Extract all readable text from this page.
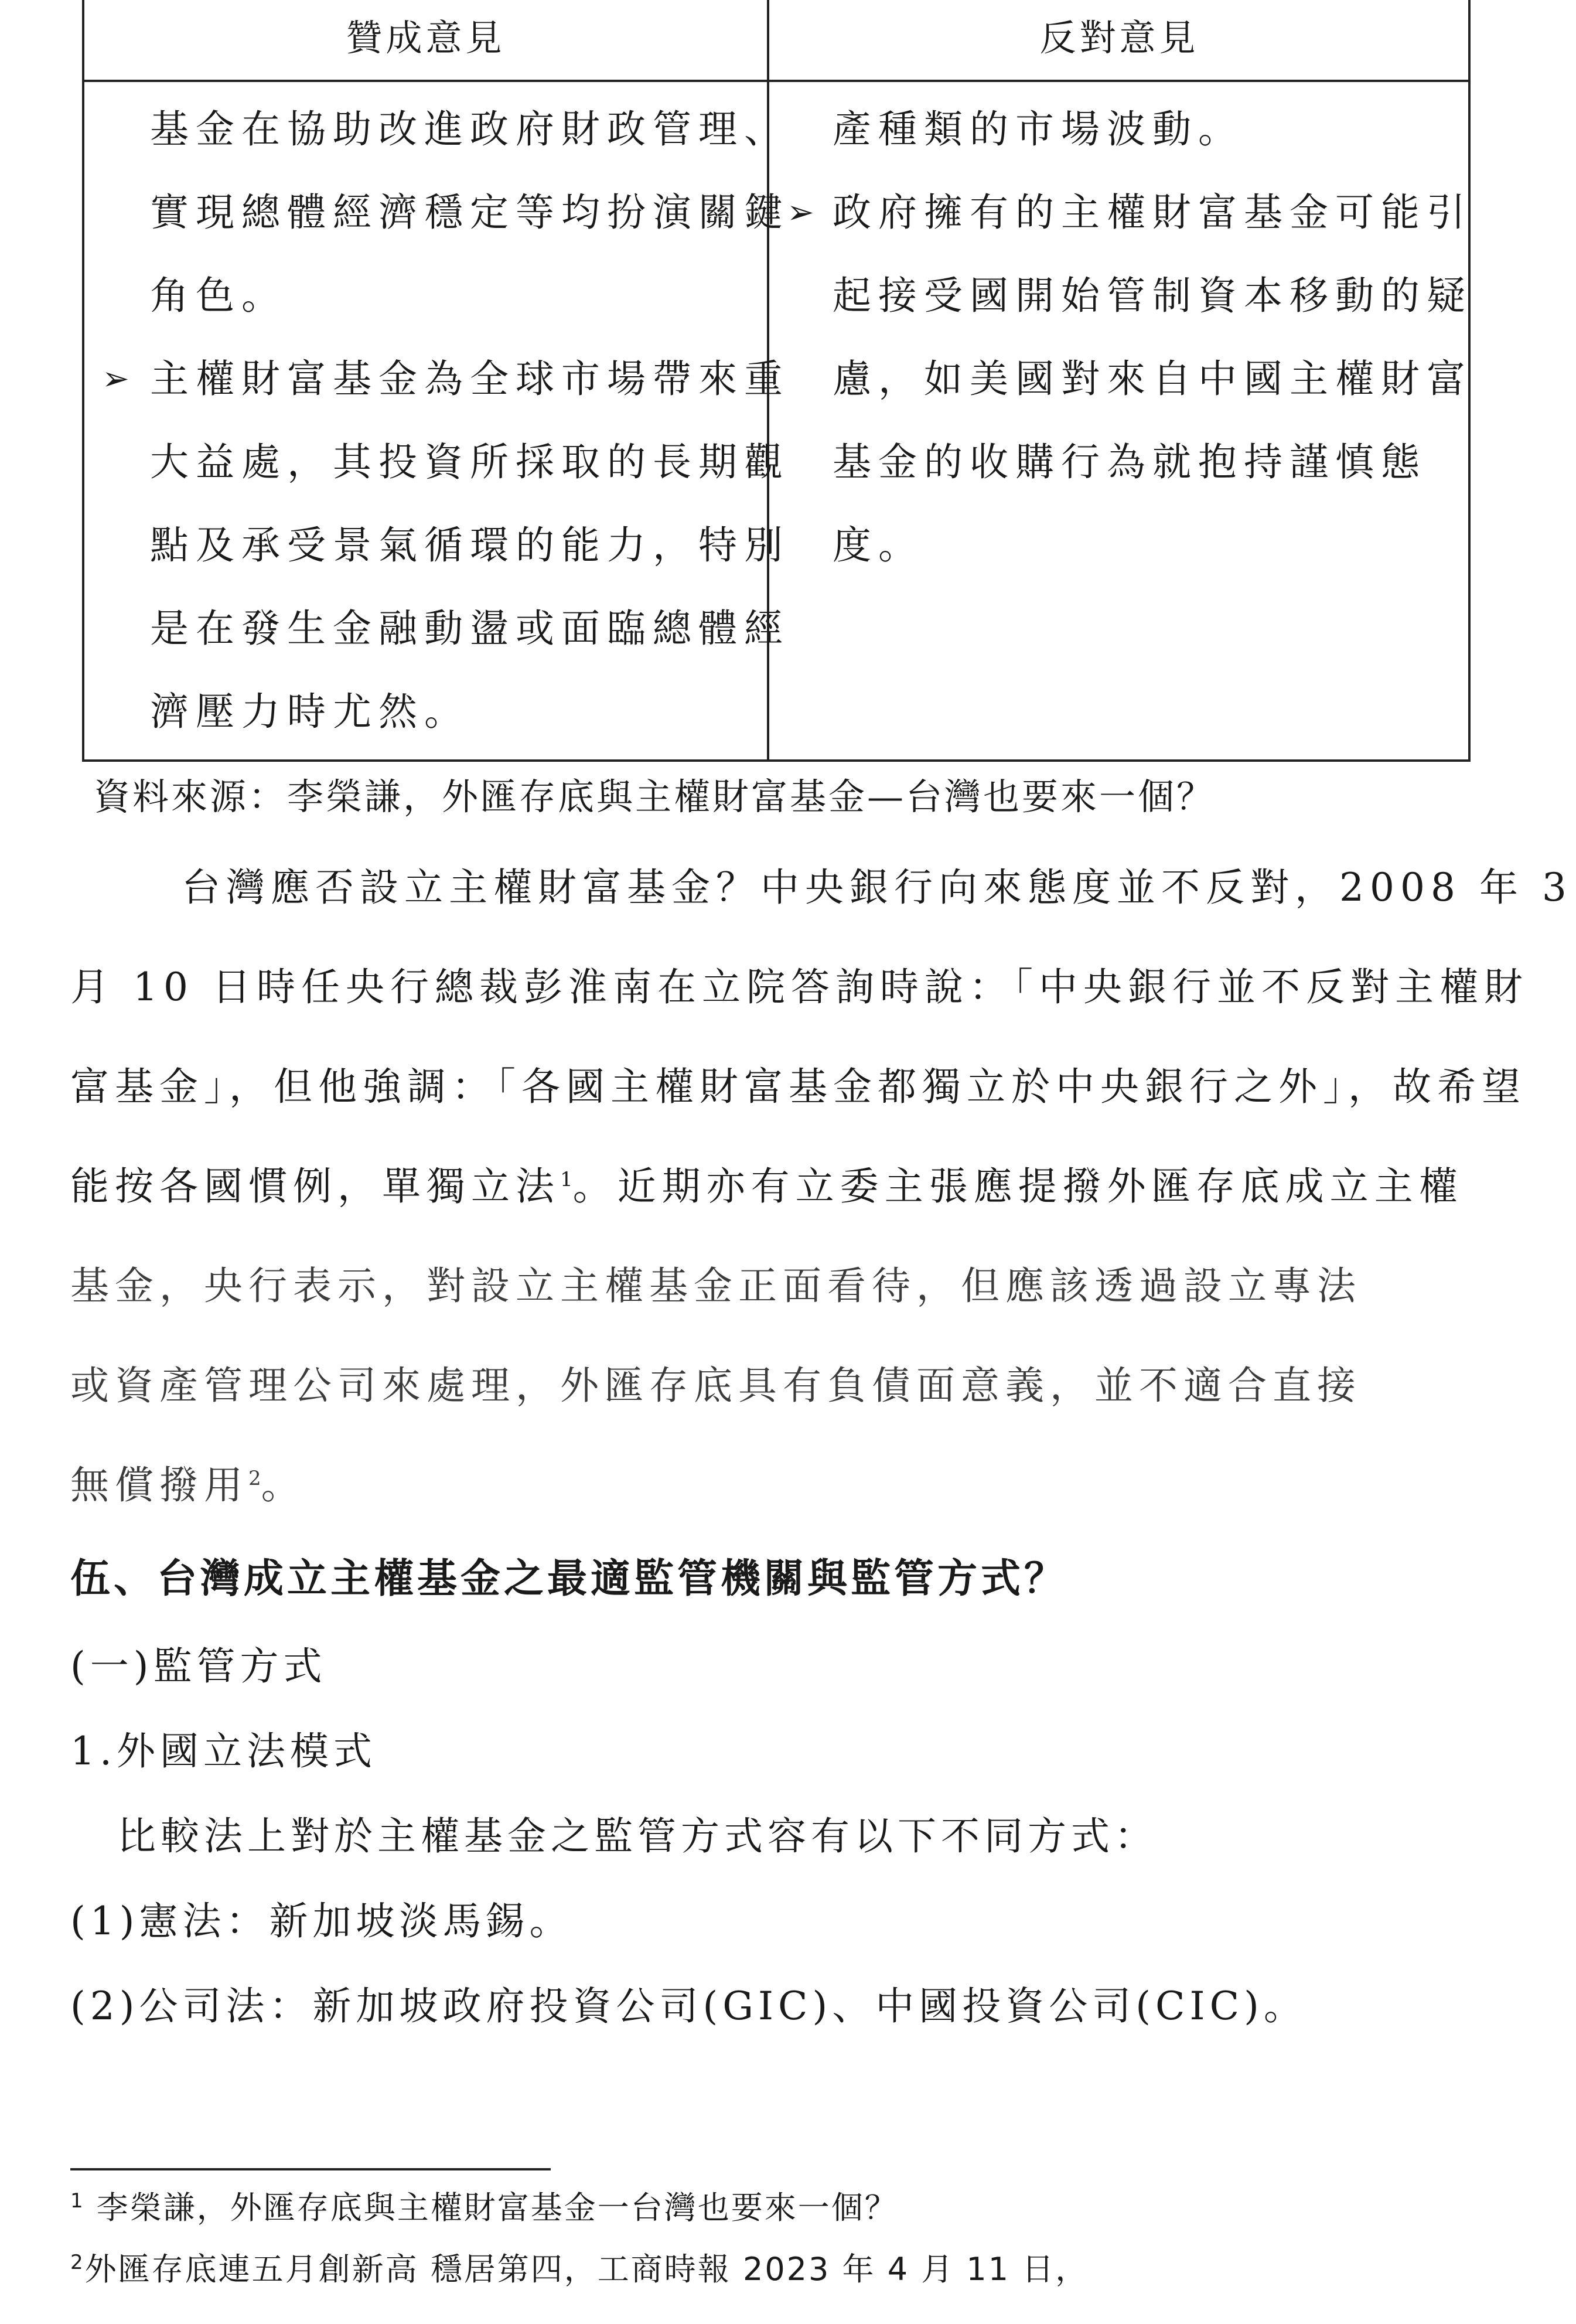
贊成意見	反對意見
基金在協助改進政府財政管理、
實現總體經濟穩定等均扮演關鍵
角色。
➢ 主權財富基金為全球市場帶來重
大益處，其投資所採取的長期觀
點及承受景氣循環的能力，特別
是在發生金融動盪或面臨總體經
濟壓力時尤然。
產種類的市場波動。
➢ 政府擁有的主權財富基金可能引
起接受國開始管制資本移動的疑
慮，如美國對來自中國主權財富
基金的收購行為就抱持謹慎態
度。
資料來源：李榮謙，外匯存底與主權財富基金—台灣也要來一個？
台灣應否設立主權財富基金？中央銀行向來態度並不反對，2008 年 3
月 10 日時任央行總裁彭淮南在立院答詢時說：「中央銀行並不反對主權財
富基金」，但他強調：「各國主權財富基金都獨立於中央銀行之外」，故希望
能按各國慣例，單獨立法$^1$。近期亦有立委主張應提撥外匯存底成立主權
基金，央行表示，對設立主權基金正面看待，但應該透過設立專法
或資產管理公司來處理，外匯存底具有負債面意義，並不適合直接
無償撥用$^2$。
伍、台灣成立主權基金之最適監管機關與監管方式？
(一)監管方式
1.外國立法模式
比較法上對於主權基金之監管方式容有以下不同方式：
(1)憲法：新加坡淡馬錫。
(2)公司法：新加坡政府投資公司(GIC)、中國投資公司(CIC)。
$^1$ 李榮謙，外匯存底與主權財富基金一台灣也要來一個？
$^2$外匯存底連五月創新高 穩居第四，工商時報 2023 年 4 月 11 日，
